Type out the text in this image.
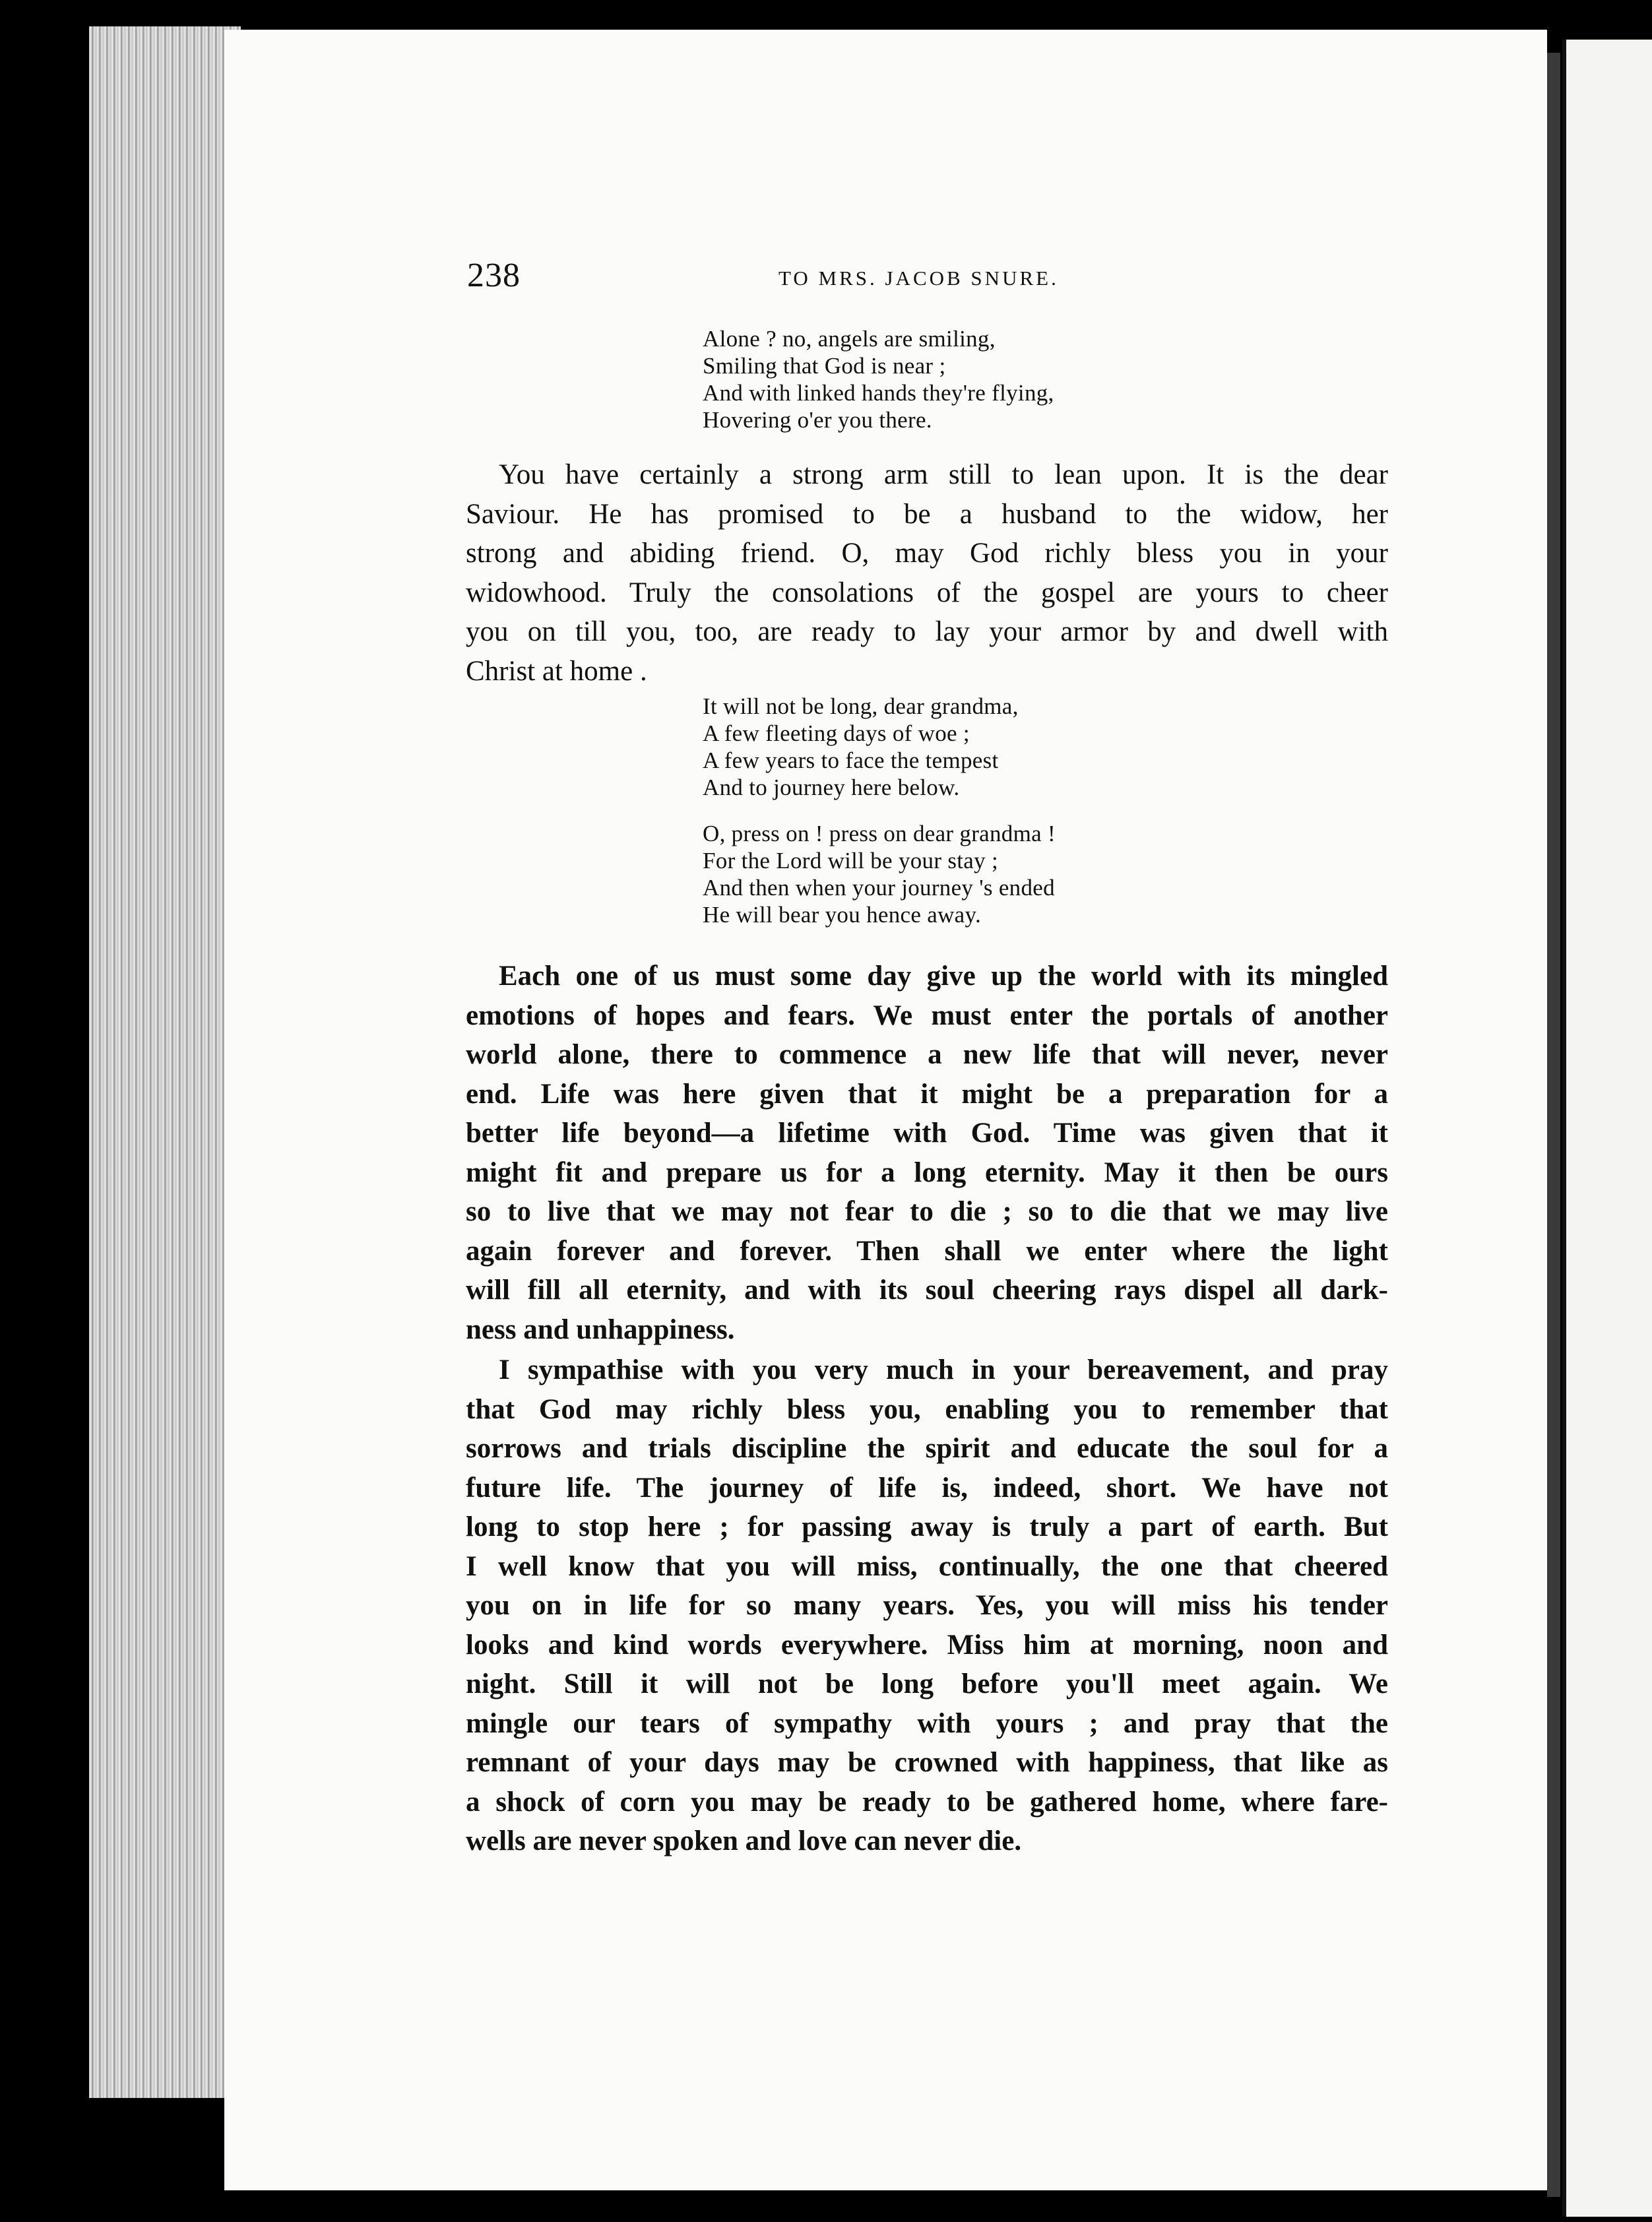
238	TO MRS. JACOB SNURE.
Alone ? no, angels are smiling,
Smiling that God is near ;
And with linked hands they're flying,
Hovering o'er you there.
You have certainly a strong arm still to lean upon. It is the dear
Saviour. He has promised to be a husband to the widow, her
strong and abiding friend. O, may God richly bless you in your
widowhood. Truly the consolations of the gospel are yours to cheer
you on till you, too, are ready to lay your armor by and dwell with
Christ at home .
It will not be long, dear grandma,
A few fleeting days of woe ;
A few years to face the tempest
And to journey here below.
O, press on ! press on dear grandma !
For the Lord will be your stay ;
And then when your journey 's ended
He will bear you hence away.
Each one of us must some day give up the world with its mingled
emotions of hopes and fears. We must enter the portals of another
world alone, there to commence a new life that will never, never
end. Life was here given that it might be a preparation for a
better life beyond—a lifetime with God. Time was given that it
might fit and prepare us for a long eternity. May it then be ours
so to live that we may not fear to die ; so to die that we may live
again forever and forever. Then shall we enter where the light
will fill all eternity, and with its soul cheering rays dispel all dark-
ness and unhappiness.
I sympathise with you very much in your bereavement, and pray
that God may richly bless you, enabling you to remember that
sorrows and trials discipline the spirit and educate the soul for a
future life. The journey of life is, indeed, short. We have not
long to stop here ; for passing away is truly a part of earth. But
I well know that you will miss, continually, the one that cheered
you on in life for so many years. Yes, you will miss his tender
looks and kind words everywhere. Miss him at morning, noon and
night. Still it will not be long before you'll meet again. We
mingle our tears of sympathy with yours ; and pray that the
remnant of your days may be crowned with happiness, that like as
a shock of corn you may be ready to be gathered home, where fare-
wells are never spoken and love can never die.
